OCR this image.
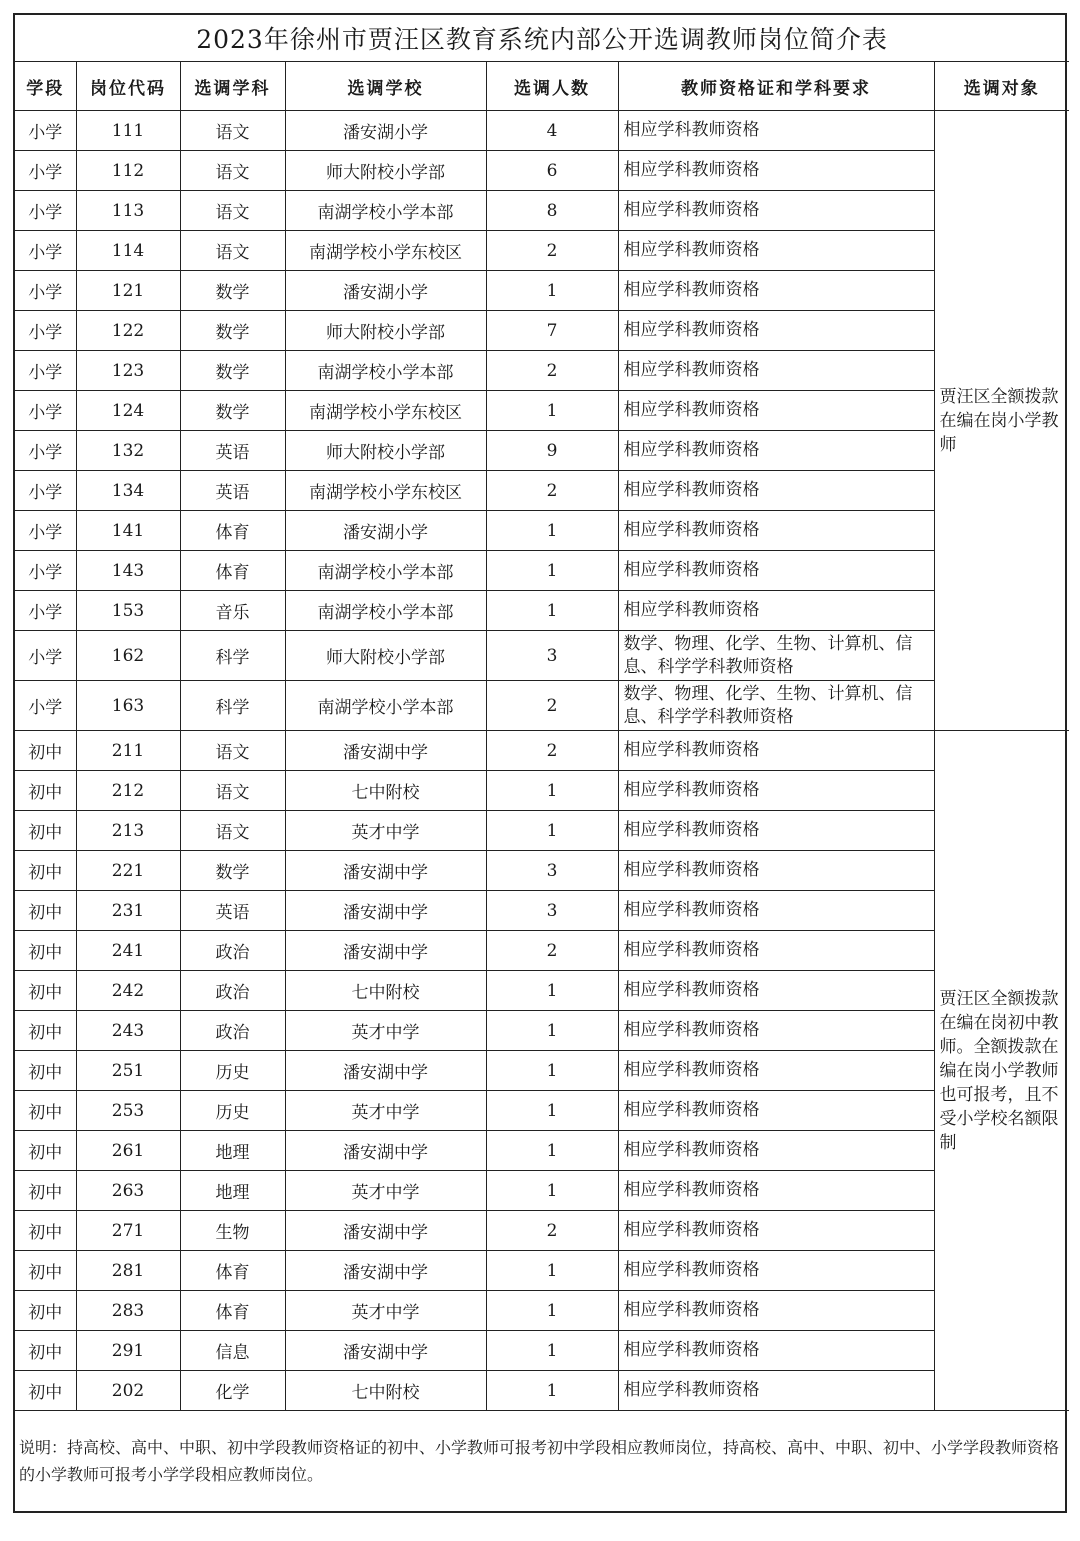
2023年徐州市贾汪区教育系统内部公开选调教师岗位简介表						
学段	岗位代码	选调学科	选调学校	选调人数	教师资格证和学科要求	选调对象
小学	111	语文	潘安湖小学	4	相应学科教师资格	贾汪区全额拨款在编在岗小学教师
小学	112	语文	师大附校小学部	6	相应学科教师资格	
小学	113	语文	南湖学校小学本部	8	相应学科教师资格	
小学	114	语文	南湖学校小学东校区	2	相应学科教师资格	
小学	121	数学	潘安湖小学	1	相应学科教师资格	
小学	122	数学	师大附校小学部	7	相应学科教师资格	
小学	123	数学	南湖学校小学本部	2	相应学科教师资格	
小学	124	数学	南湖学校小学东校区	1	相应学科教师资格	
小学	132	英语	师大附校小学部	9	相应学科教师资格	
小学	134	英语	南湖学校小学东校区	2	相应学科教师资格	
小学	141	体育	潘安湖小学	1	相应学科教师资格	
小学	143	体育	南湖学校小学本部	1	相应学科教师资格	
小学	153	音乐	南湖学校小学本部	1	相应学科教师资格	
小学	162	科学	师大附校小学部	3	数学、物理、化学、生物、计算机、信息、科学学科教师资格	
小学	163	科学	南湖学校小学本部	2	数学、物理、化学、生物、计算机、信息、科学学科教师资格	
初中	211	语文	潘安湖中学	2	相应学科教师资格	贾汪区全额拨款在编在岗初中教师。全额拨款在编在岗小学教师也可报考，且不受小学校名额限制
初中	212	语文	七中附校	1	相应学科教师资格	
初中	213	语文	英才中学	1	相应学科教师资格	
初中	221	数学	潘安湖中学	3	相应学科教师资格	
初中	231	英语	潘安湖中学	3	相应学科教师资格	
初中	241	政治	潘安湖中学	2	相应学科教师资格	
初中	242	政治	七中附校	1	相应学科教师资格	
初中	243	政治	英才中学	1	相应学科教师资格	
初中	251	历史	潘安湖中学	1	相应学科教师资格	
初中	253	历史	英才中学	1	相应学科教师资格	
初中	261	地理	潘安湖中学	1	相应学科教师资格	
初中	263	地理	英才中学	1	相应学科教师资格	
初中	271	生物	潘安湖中学	2	相应学科教师资格	
初中	281	体育	潘安湖中学	1	相应学科教师资格	
初中	283	体育	英才中学	1	相应学科教师资格	
初中	291	信息	潘安湖中学	1	相应学科教师资格	
初中	202	化学	七中附校	1	相应学科教师资格	
说明：持高校、高中、中职、初中学段教师资格证的初中、小学教师可报考初中学段相应教师岗位，持高校、高中、中职、初中、小学学段教师资格的小学教师可报考小学学段相应教师岗位。						
